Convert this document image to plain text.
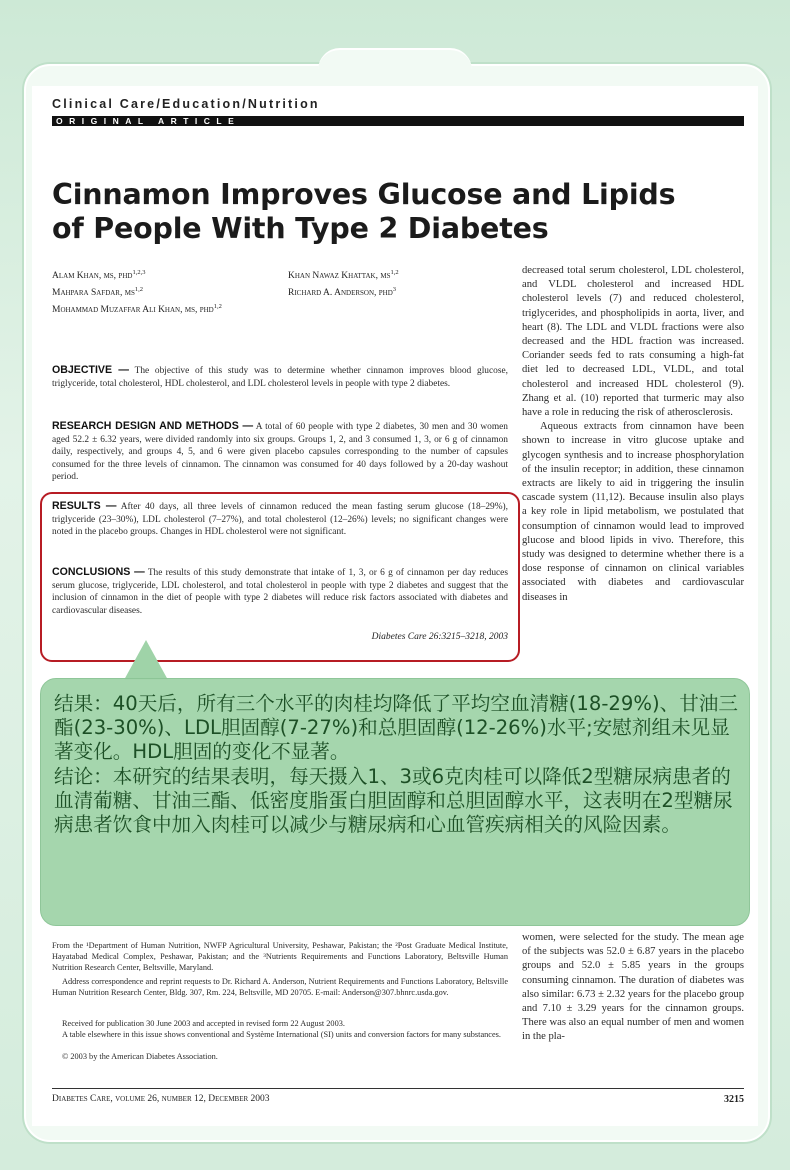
Clinical Care/Education/Nutrition
ORIGINAL ARTICLE
Cinnamon Improves Glucose and Lipids
of People With Type 2 Diabetes
Alam Khan, ms, phd$^{1,2,3}$
Mahpara Safdar, ms$^{1,2}$
Mohammad Muzaffar Ali Khan, ms, phd$^{1,2}$
Khan Nawaz Khattak, ms$^{1,2}$
Richard A. Anderson, phd$^3$

decreased total serum cholesterol, LDL cholesterol, and VLDL cholesterol and increased HDL cholesterol levels (7) and reduced cholesterol, triglycerides, and phospholipids in aorta, liver, and heart (8). The LDL and VLDL fractions were also decreased and the HDL fraction was increased. Coriander seeds fed to rats consuming a high-fat diet led to decreased LDL, VLDL, and total cholesterol and increased HDL cholesterol (9). Zhang et al. (10) reported that turmeric may also have a role in reducing the risk of atherosclerosis.

Aqueous extracts from cinnamon have been shown to increase in vitro glucose uptake and glycogen synthesis and to increase phosphorylation of the insulin receptor; in addition, these cinnamon extracts are likely to aid in triggering the insulin cascade system (11,12). Because insulin also plays a key role in lipid metabolism, we postulated that consumption of cinnamon would lead to improved glucose and blood lipids in vivo. Therefore, this study was designed to determine whether there is a dose response of cinnamon on clinical variables associated with diabetes and cardiovascular diseases in

OBJECTIVE — The objective of this study was to determine whether cinnamon improves blood glucose, triglyceride, total cholesterol, HDL cholesterol, and LDL cholesterol levels in people with type 2 diabetes.
RESEARCH DESIGN AND METHODS — A total of 60 people with type 2 diabetes, 30 men and 30 women aged 52.2 ± 6.32 years, were divided randomly into six groups. Groups 1, 2, and 3 consumed 1, 3, or 6 g of cinnamon daily, respectively, and groups 4, 5, and 6 were given placebo capsules corresponding to the number of capsules consumed for the three levels of cinnamon. The cinnamon was consumed for 40 days followed by a 20-day washout period.
RESULTS — After 40 days, all three levels of cinnamon reduced the mean fasting serum glucose (18–29%), triglyceride (23–30%), LDL cholesterol (7–27%), and total cholesterol (12–26%) levels; no significant changes were noted in the placebo groups. Changes in HDL cholesterol were not significant.
CONCLUSIONS — The results of this study demonstrate that intake of 1, 3, or 6 g of cinnamon per day reduces serum glucose, triglyceride, LDL cholesterol, and total cholesterol in people with type 2 diabetes and suggest that the inclusion of cinnamon in the diet of people with type 2 diabetes will reduce risk factors associated with diabetes and cardiovascular diseases.
Diabetes Care 26:3215–3218, 2003
结果：40天后，所有三个水平的肉桂均降低了平均空血清糖(18-29%)、甘油三酯(23-30%)、LDL胆固醇(7-27%)和总胆固醇(12-26%)水平;安慰剂组未见显著变化。HDL胆固的变化不显著。
结论：本研究的结果表明，每天摄入1、3或6克肉桂可以降低2型糖尿病患者的血清葡糖、甘油三酯、低密度脂蛋白胆固醇和总胆固醇水平，这表明在2型糖尿病患者饮食中加入肉桂可以减少与糖尿病和心血管疾病相关的风险因素。
From the ¹Department of Human Nutrition, NWFP Agricultural University, Peshawar, Pakistan; the ²Post Graduate Medical Institute, Hayatabad Medical Complex, Peshawar, Pakistan; and the ³Nutrients Requirements and Functions Laboratory, Beltsville Human Nutrition Research Center, Beltsville, Maryland.
Address correspondence and reprint requests to Dr. Richard A. Anderson, Nutrient Requirements and Functions Laboratory, Beltsville Human Nutrition Research Center, Bldg. 307, Rm. 224, Beltsville, MD 20705. E-mail: Anderson@307.bhnrc.usda.gov.
Received for publication 30 June 2003 and accepted in revised form 22 August 2003.
A table elsewhere in this issue shows conventional and Système International (SI) units and conversion factors for many substances.
© 2003 by the American Diabetes Association.
women, were selected for the study. The mean age of the subjects was 52.0 ± 6.87 years in the placebo groups and 52.0 ± 5.85 years in the groups consuming cinnamon. The duration of diabetes was also similar: 6.73 ± 2.32 years for the placebo group and 7.10 ± 3.29 years for the cinnamon groups. There was also an equal number of men and women in the pla-
Diabetes Care, volume 26, number 12, December 2003	3215
